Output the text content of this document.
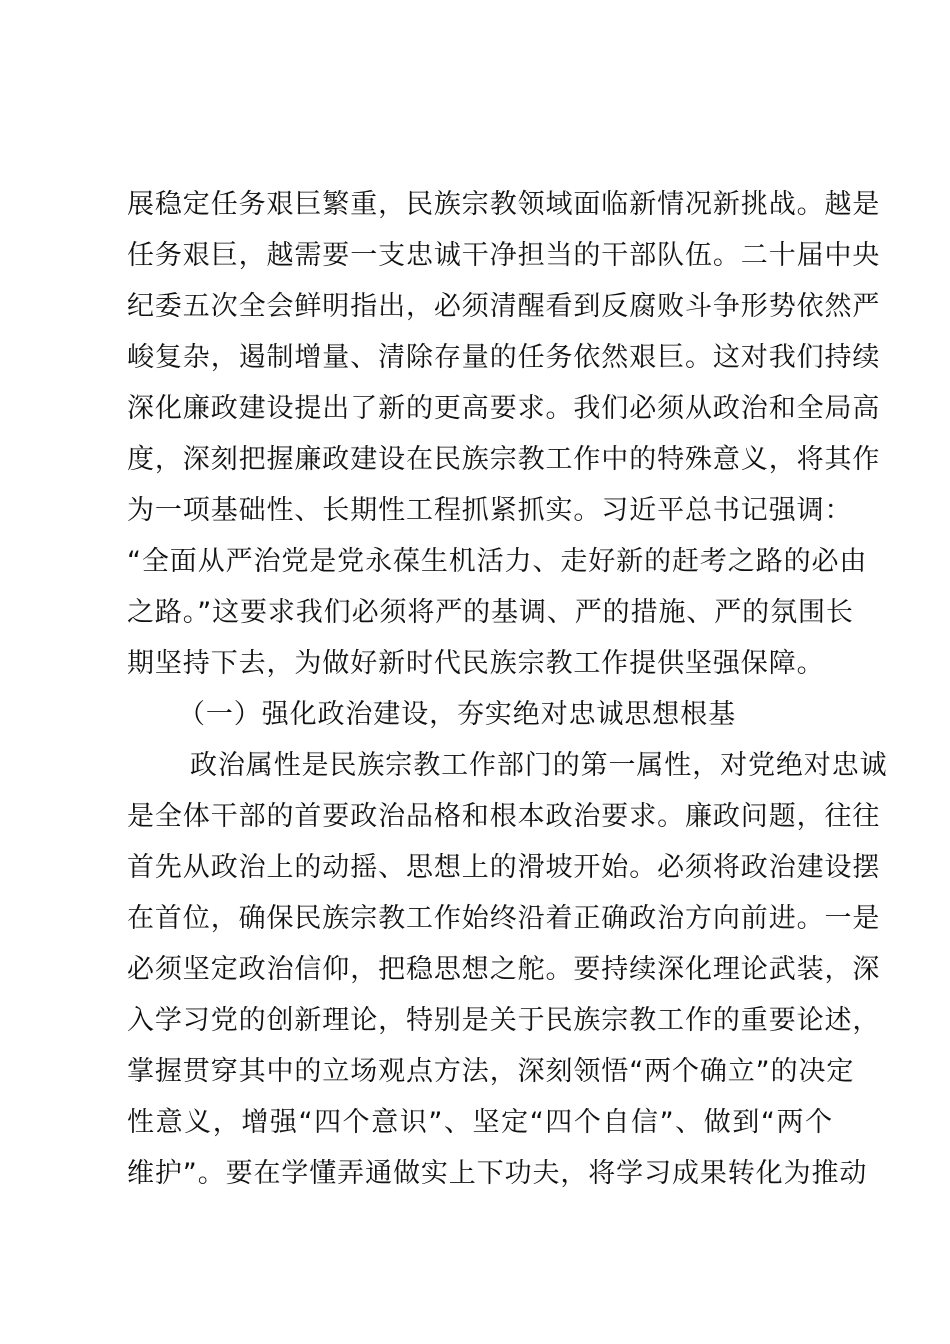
展稳定任务艰巨繁重，民族宗教领域面临新情况新挑战。越是
任务艰巨，越需要一支忠诚干净担当的干部队伍。二十届中央
纪委五次全会鲜明指出，必须清醒看到反腐败斗争形势依然严
峻复杂，遏制增量、清除存量的任务依然艰巨。这对我们持续
深化廉政建设提出了新的更高要求。我们必须从政治和全局高
度，深刻把握廉政建设在民族宗教工作中的特殊意义，将其作
为一项基础性、长期性工程抓紧抓实。习近平总书记强调：
“全面从严治党是党永葆生机活力、走好新的赶考之路的必由
之路。”这要求我们必须将严的基调、严的措施、严的氛围长
期坚持下去，为做好新时代民族宗教工作提供坚强保障。
（一）强化政治建设，夯实绝对忠诚思想根基
政治属性是民族宗教工作部门的第一属性，对党绝对忠诚
是全体干部的首要政治品格和根本政治要求。廉政问题，往往
首先从政治上的动摇、思想上的滑坡开始。必须将政治建设摆
在首位，确保民族宗教工作始终沿着正确政治方向前进。一是
必须坚定政治信仰，把稳思想之舵。要持续深化理论武装，深
入学习党的创新理论，特别是关于民族宗教工作的重要论述，
掌握贯穿其中的立场观点方法，深刻领悟“两个确立”的决定
性意义，增强“四个意识”、坚定“四个自信”、做到“两个
维护”。要在学懂弄通做实上下功夫，将学习成果转化为推动
